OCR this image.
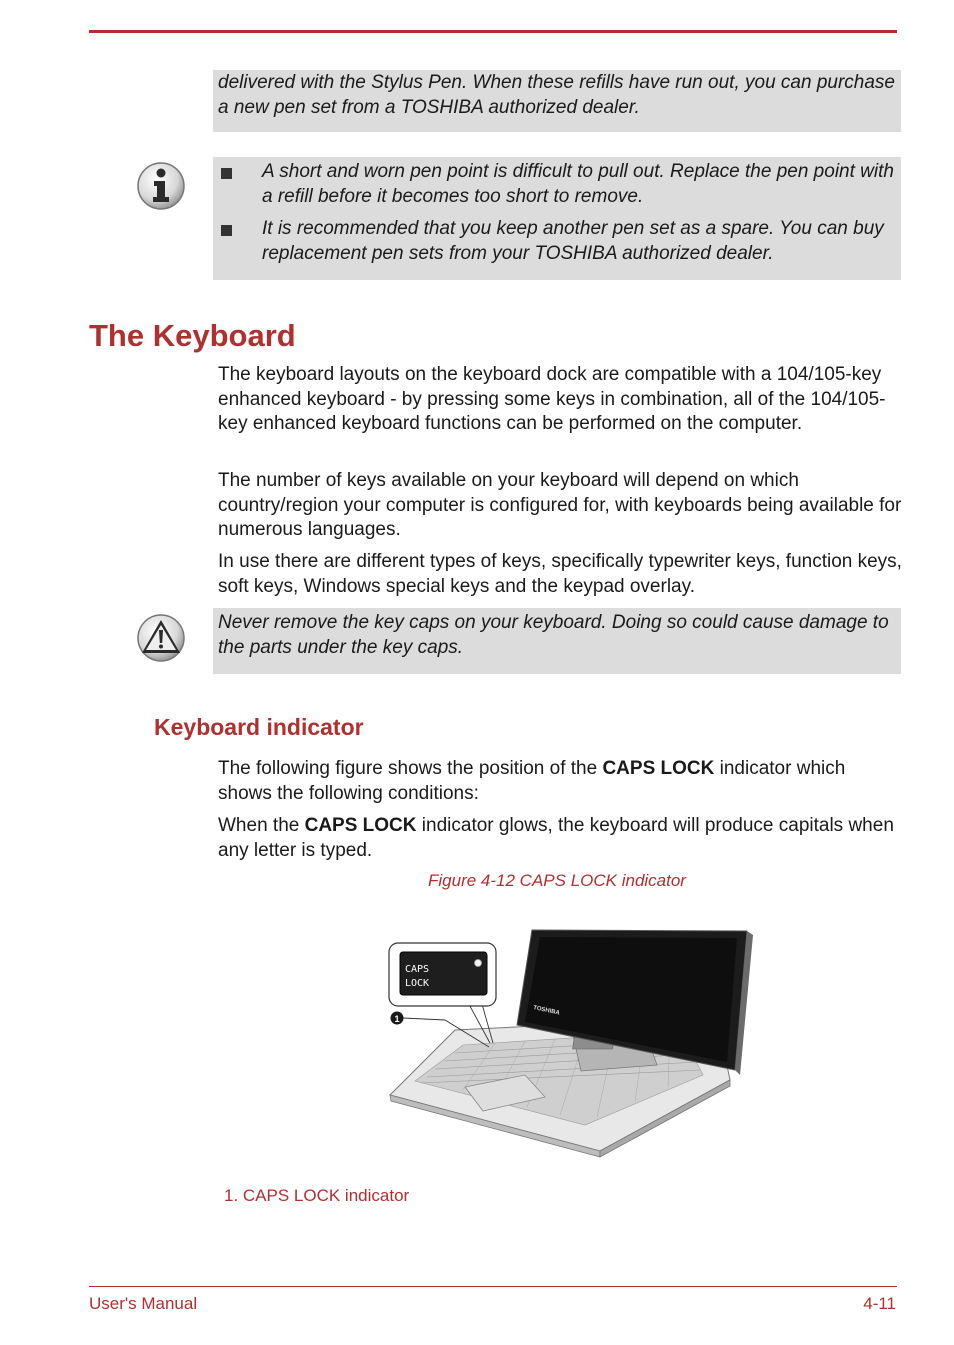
delivered with the Stylus Pen. When these refills have run out, you can purchase a new pen set from a TOSHIBA authorized dealer.
A short and worn pen point is difficult to pull out. Replace the pen point with a refill before it becomes too short to remove.
It is recommended that you keep another pen set as a spare. You can buy replacement pen sets from your TOSHIBA authorized dealer.
The Keyboard

The keyboard layouts on the keyboard dock are compatible with a 104/105-key enhanced keyboard - by pressing some keys in combination, all of the 104/105-key enhanced keyboard functions can be performed on the computer.

The number of keys available on your keyboard will depend on which country/region your computer is configured for, with keyboards being available for numerous languages.

In use there are different types of keys, specifically typewriter keys, function keys, soft keys, Windows special keys and the keypad overlay.

Never remove the key caps on your keyboard. Doing so could cause damage to the parts under the key caps.
Keyboard indicator

The following figure shows the position of the CAPS LOCK indicator which shows the following conditions:

When the CAPS LOCK indicator glows, the keyboard will produce capitals when any letter is typed.

Figure 4-12 CAPS LOCK indicator
TOSHIBA
CAPS
LOCK
1
1. CAPS LOCK indicator
User's Manual	4-11
